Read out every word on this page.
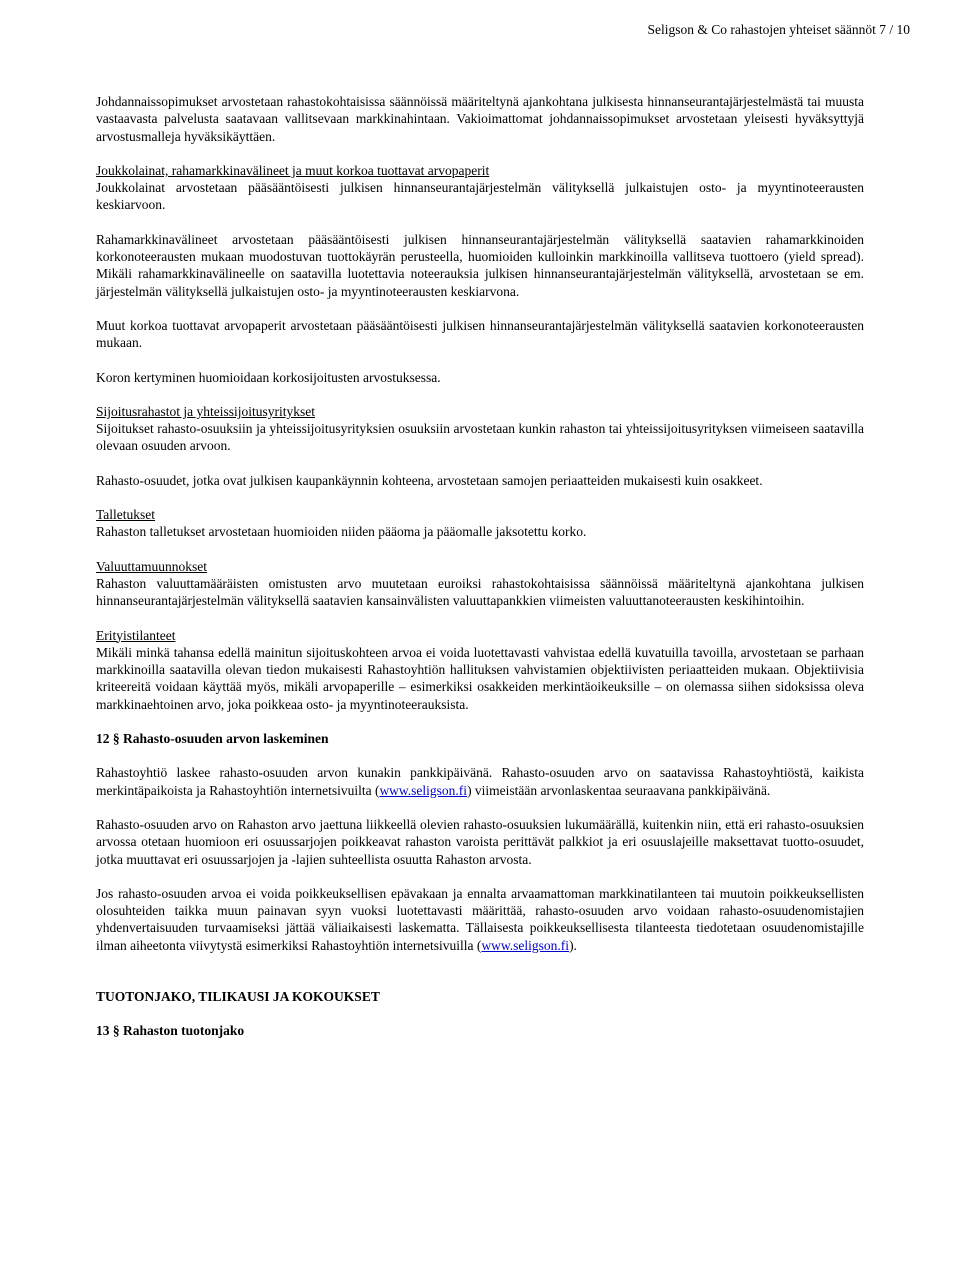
Seligson & Co rahastojen yhteiset säännöt 7 / 10

Johdannaissopimukset arvostetaan rahastokohtaisissa säännöissä määriteltynä ajankohtana julkisesta hinnanseurantajärjestelmästä tai muusta vastaavasta palvelusta saatavaan vallitsevaan markkinahintaan. Vakioimattomat johdannaissopimukset arvostetaan yleisesti hyväksyttyjä arvostusmalleja hyväksikäyttäen.

Joukkolainat, rahamarkkinavälineet ja muut korkoa tuottavat arvopaperit

Joukkolainat arvostetaan pääsääntöisesti julkisen hinnanseurantajärjestelmän välityksellä julkaistujen osto- ja myyntinoteerausten keskiarvoon.

Rahamarkkinavälineet arvostetaan pääsääntöisesti julkisen hinnanseurantajärjestelmän välityksellä saatavien rahamarkkinoiden korkonoteerausten mukaan muodostuvan tuottokäyrän perusteella, huomioiden kulloinkin markkinoilla vallitseva tuottoero (yield spread). Mikäli rahamarkkinavälineelle on saatavilla luotettavia noteerauksia julkisen hinnanseurantajärjestelmän välityksellä, arvostetaan se em. järjestelmän välityksellä julkaistujen osto- ja myyntinoteerausten keskiarvona.

Muut korkoa tuottavat arvopaperit arvostetaan pääsääntöisesti julkisen hinnanseurantajärjestelmän välityksellä saatavien korkonoteerausten mukaan.

Koron kertyminen huomioidaan korkosijoitusten arvostuksessa.

Sijoitusrahastot ja yhteissijoitusyritykset

Sijoitukset rahasto-osuuksiin ja yhteissijoitusyrityksien osuuksiin arvostetaan kunkin rahaston tai yhteissijoitusyrityksen viimeiseen saatavilla olevaan osuuden arvoon.

Rahasto-osuudet, jotka ovat julkisen kaupankäynnin kohteena, arvostetaan samojen periaatteiden mukaisesti kuin osakkeet.

Talletukset

Rahaston talletukset arvostetaan huomioiden niiden pääoma ja pääomalle jaksotettu korko.

Valuuttamuunnokset

Rahaston valuuttamääräisten omistusten arvo muutetaan euroiksi rahastokohtaisissa säännöissä määriteltynä ajankohtana julkisen hinnanseurantajärjestelmän välityksellä saatavien kansainvälisten valuuttapankkien viimeisten valuuttanoteerausten keskihintoihin.

Erityistilanteet

Mikäli minkä tahansa edellä mainitun sijoituskohteen arvoa ei voida luotettavasti vahvistaa edellä kuvatuilla tavoilla, arvostetaan se parhaan markkinoilla saatavilla olevan tiedon mukaisesti Rahastoyhtiön hallituksen vahvistamien objektiivisten periaatteiden mukaan. Objektiivisia kriteereitä voidaan käyttää myös, mikäli arvopaperille – esimerkiksi osakkeiden merkintäoikeuksille – on olemassa siihen sidoksissa oleva markkinaehtoinen arvo, joka poikkeaa osto- ja myyntinoteerauksista.

12 § Rahasto-osuuden arvon laskeminen

Rahastoyhtiö laskee rahasto-osuuden arvon kunakin pankkipäivänä. Rahasto-osuuden arvo on saatavissa Rahastoyhtiöstä, kaikista merkintäpaikoista ja Rahastoyhtiön internetsivuilta (www.seligson.fi) viimeistään arvonlaskentaa seuraavana pankkipäivänä.

Rahasto-osuuden arvo on Rahaston arvo jaettuna liikkeellä olevien rahasto-osuuksien lukumäärällä, kuitenkin niin, että eri rahasto-osuuksien arvossa otetaan huomioon eri osuussarjojen poikkeavat rahaston varoista perittävät palkkiot ja eri osuuslajeille maksettavat tuotto-osuudet, jotka muuttavat eri osuussarjojen ja -lajien suhteellista osuutta Rahaston arvosta.

Jos rahasto-osuuden arvoa ei voida poikkeuksellisen epävakaan ja ennalta arvaamattoman markkinatilanteen tai muutoin poikkeuksellisten olosuhteiden taikka muun painavan syyn vuoksi luotettavasti määrittää, rahasto-osuuden arvo voidaan rahasto-osuudenomistajien yhdenvertaisuuden turvaamiseksi jättää väliaikaisesti laskematta. Tällaisesta poikkeuksellisesta tilanteesta tiedotetaan osuudenomistajille ilman aiheetonta viivytystä esimerkiksi Rahastoyhtiön internetsivuilla (www.seligson.fi).

TUOTONJAKO, TILIKAUSI JA KOKOUKSET

13 § Rahaston tuotonjako
